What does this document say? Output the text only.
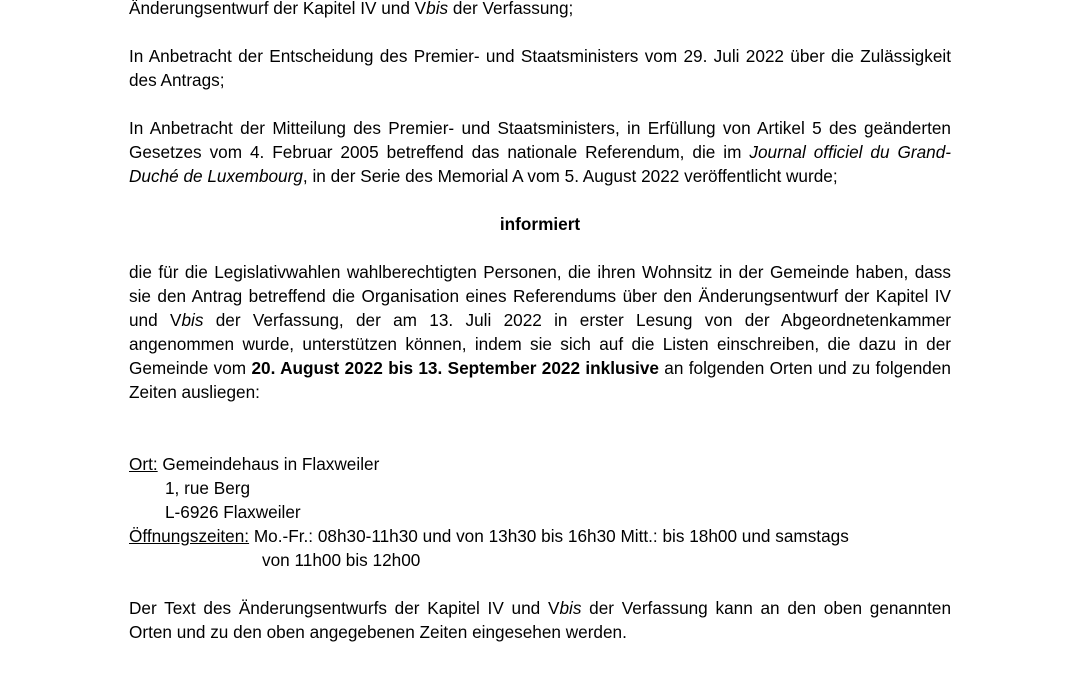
Änderungsentwurf der Kapitel IV und Vbis der Verfassung;

In Anbetracht der Entscheidung des Premier- und Staatsministers vom 29. Juli 2022 über die Zulässigkeit des Antrags;

In Anbetracht der Mitteilung des Premier- und Staatsministers, in Erfüllung von Artikel 5 des geänderten Gesetzes vom 4. Februar 2005 betreffend das nationale Referendum, die im Journal officiel du Grand-Duché de Luxembourg, in der Serie des Memorial A vom 5. August 2022 veröffentlicht wurde;

informiert

die für die Legislativwahlen wahlberechtigten Personen, die ihren Wohnsitz in der Gemeinde haben, dass sie den Antrag betreffend die Organisation eines Referendums über den Änderungsentwurf der Kapitel IV und Vbis der Verfassung, der am 13. Juli 2022 in erster Lesung von der Abgeordnetenkammer angenommen wurde, unterstützen können, indem sie sich auf die Listen einschreiben, die dazu in der Gemeinde vom 20. August 2022 bis 13. September 2022 inklusive an folgenden Orten und zu folgenden Zeiten ausliegen:

Ort: Gemeindehaus in Flaxweiler
1, rue Berg
L-6926 Flaxweiler
Öffnungszeiten: Mo.-Fr.: 08h30-11h30 und von 13h30 bis 16h30 Mitt.: bis 18h00 und samstags
von 11h00 bis 12h00

Der Text des Änderungsentwurfs der Kapitel IV und Vbis der Verfassung kann an den oben genannten Orten und zu den oben angegebenen Zeiten eingesehen werden.
